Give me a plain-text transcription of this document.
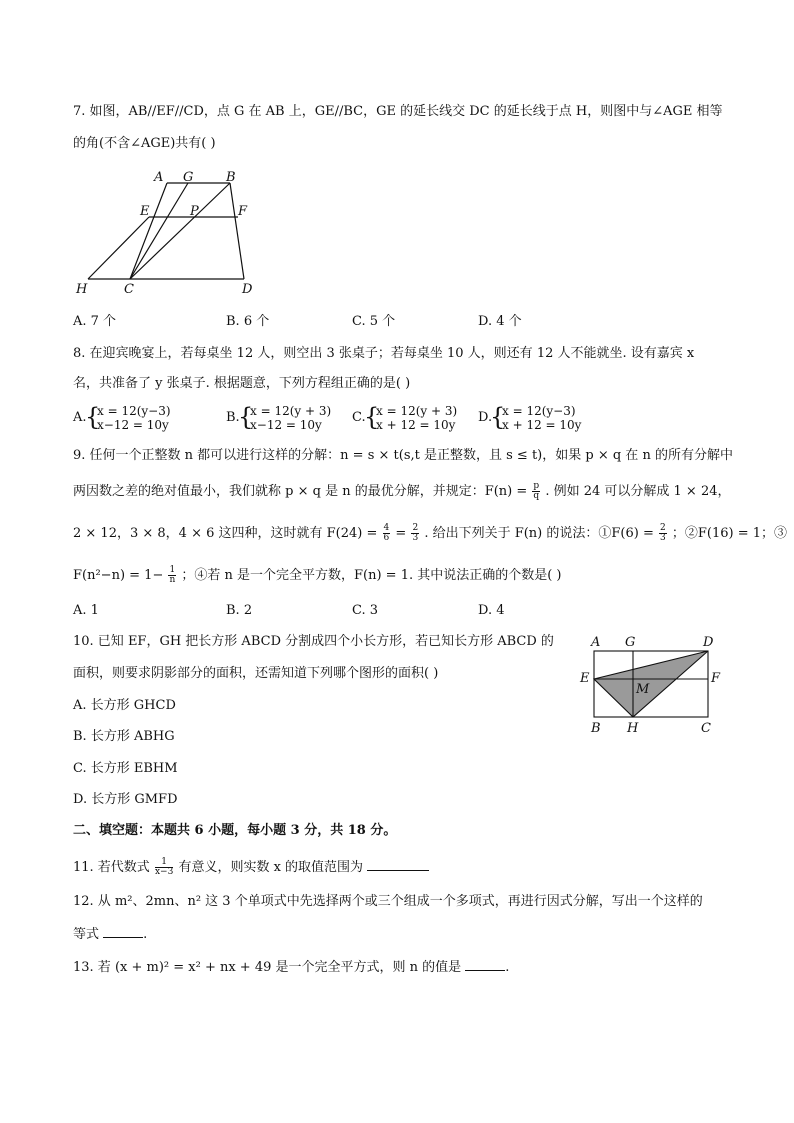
7. 如图，AB//EF//CD，点 G 在 AB 上，GE//BC，GE 的延长线交 DC 的延长线于点 H，则图中与∠AGE 相等
的角(不含∠AGE)共有( )
A G	B
E	P	F
H	C	D
A. 7 个	B. 6 个	C. 5 个	D. 4 个
8. 在迎宾晚宴上，若每桌坐 12 人，则空出 3 张桌子；若每桌坐 10 人，则还有 12 人不能就坐. 设有嘉宾 x
名，共准备了 y 张桌子. 根据题意，下列方程组正确的是( )
A.
{
x = 12(y−3)
x−12 = 10y	B.
{
x = 12(y + 3)
x−12 = 10y C.
{
x = 12(y + 3)
x + 12 = 10y D.
{
x = 12(y−3)
x + 12 = 10y
9. 任何一个正整数 n 都可以进行这样的分解：n = s × t(s,t 是正整数，且 s ≤ t)，如果 p × q 在 n 的所有分解中
两因数之差的绝对值最小，我们就称 p × q 是 n 的最优分解，并规定：$F(n) = \frac{p}{q}$ . 例如 24 可以分解成 1 × 24，
2 × 12，3 × 8，4 × 6 这四种，这时就有 $F(24) = \frac{4}{6} = \frac{2}{3}$ . 给出下列关于 F(n) 的说法：①F(6) = $\frac{2}{3}$ ；②F(16) = 1；③
$F(n^2-n) = 1- \frac{1}{n}$ ；④若 n 是一个完全平方数，F(n) = 1. 其中说法正确的个数是( )
A. 1	B. 2	C. 3	D. 4
10. 已知 EF，GH 把长方形 ABCD 分割成四个小长方形，若已知长方形 ABCD 的
面积，则要求阴影部分的面积，还需知道下列哪个图形的面积( )
A. 长方形 GHCD
B. 长方形 ABHG
C. 长方形 EBHM
D. 长方形 GMFD
A G	D
E
M
F
B H	C
二、填空题：本题共 6 小题，每小题 3 分，共 18 分。
11. 若代数式 $\frac{1}{x-3}$ 有意义，则实数 x 的取值范围为
12. 从 m²、2mn、n² 这 3 个单项式中先选择两个或三个组成一个多项式，再进行因式分解，写出一个这样的
等式	.
13. 若 (x + m)² = x² + nx + 49 是一个完全平方式，则 n 的值是	.
